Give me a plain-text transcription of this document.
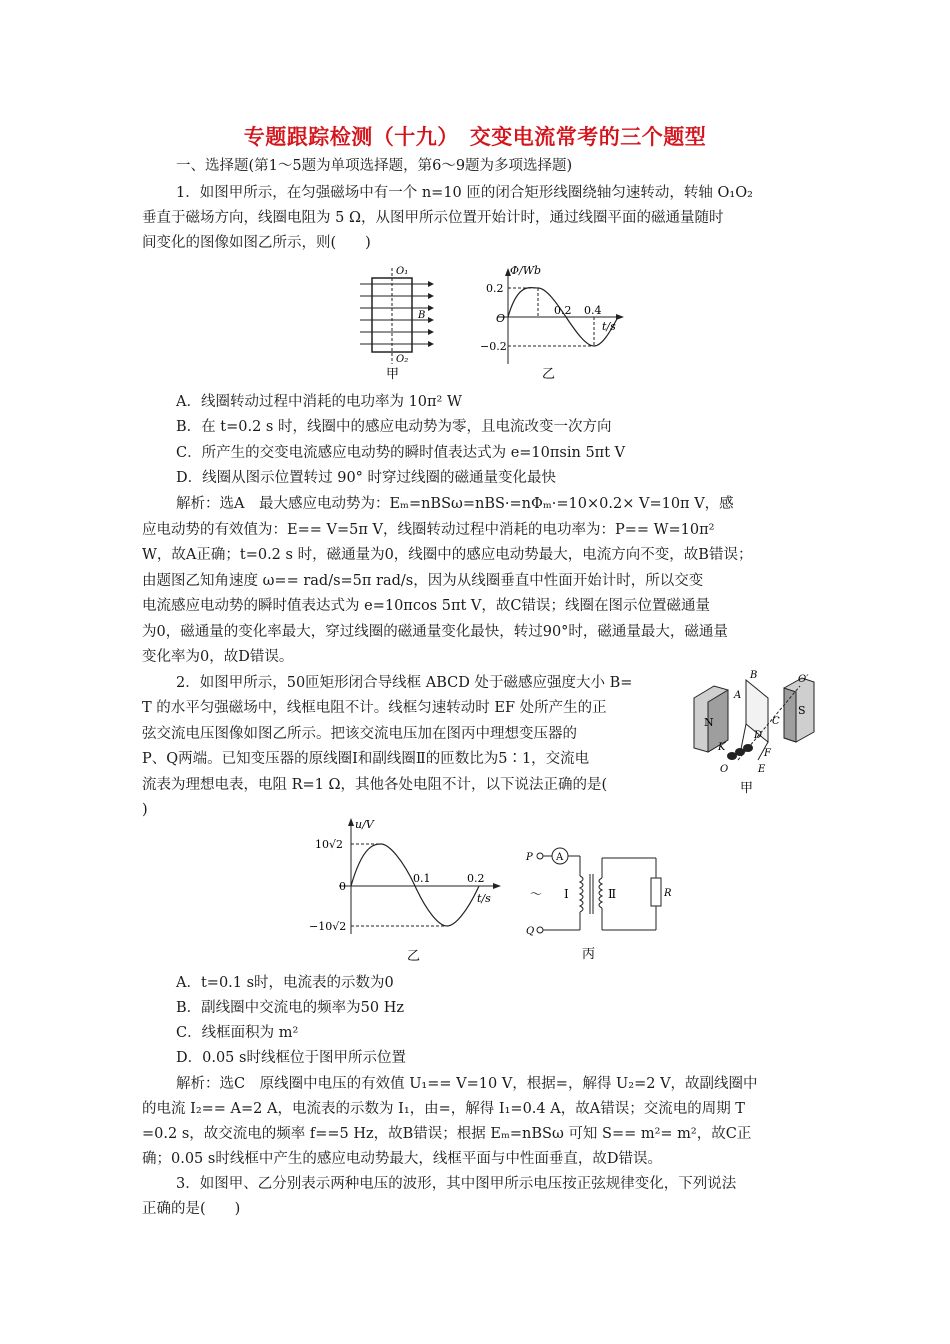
专题跟踪检测（十九）　交变电流常考的三个题型
一、选择题(第1～5题为单项选择题，第6～9题为多项选择题)
1．如图甲所示，在匀强磁场中有一个 n=10 匝的闭合矩形线圈绕轴匀速转动，转轴 O₁O₂
垂直于磁场方向，线圈电阻为 5 Ω，从图甲所示位置开始计时，通过线圈平面的磁通量随时
间变化的图像如图乙所示，则(　　)
O₁
O₂
B
甲
Φ/Wb
t/s
0.2
−0.2
O
0.2 0.4
乙
A．线圈转动过程中消耗的电功率为 10π² W
B．在 t=0.2 s 时，线圈中的感应电动势为零，且电流改变一次方向
C．所产生的交变电流感应电动势的瞬时值表达式为 e=10πsin 5πt V
D．线圈从图示位置转过 90° 时穿过线圈的磁通量变化最快
解析：选A　最大感应电动势为：Eₘ=nBSω=nBS·=nΦₘ·=10×0.2× V=10π V，感
应电动势的有效值为：E== V=5π V，线圈转动过程中消耗的电功率为：P== W=10π²
W，故A正确；t=0.2 s 时，磁通量为0，线圈中的感应电动势最大，电流方向不变，故B错误；
由题图乙知角速度 ω== rad/s=5π rad/s，因为从线圈垂直中性面开始计时，所以交变
电流感应电动势的瞬时值表达式为 e=10πcos 5πt V，故C错误；线圈在图示位置磁通量
为0，磁通量的变化率最大，穿过线圈的磁通量变化最快，转过90°时，磁通量最大，磁通量
变化率为0，故D错误。
2．如图甲所示，50匝矩形闭合导线框 ABCD 处于磁感应强度大小 B=
T 的水平匀强磁场中，线框电阻不计。线框匀速转动时 EF 处所产生的正
弦交流电压图像如图乙所示。把该交流电压加在图丙中理想变压器的
P、Q两端。已知变压器的原线圈Ⅰ和副线圈Ⅱ的匝数比为5∶1，交流电
流表为理想电表，电阻 R=1 Ω，其他各处电阻不计，以下说法正确的是(
)
N
S
A
B
C
D
E
F
K
O
O′
甲
u/V
t/s
10√2
−10√2
0
0.1	0.2
乙
P
Q
A
～ Ⅰ	Ⅱ	R
丙
A．t=0.1 s时，电流表的示数为0
B．副线圈中交流电的频率为50 Hz
C．线框面积为 m²
D．0.05 s时线框位于图甲所示位置
解析：选C　原线圈中电压的有效值 U₁== V=10 V，根据=，解得 U₂=2 V，故副线圈中
的电流 I₂== A=2 A，电流表的示数为 I₁，由=，解得 I₁=0.4 A，故A错误；交流电的周期 T
=0.2 s，故交流电的频率 f==5 Hz，故B错误；根据 Eₘ=nBSω 可知 S== m²= m²，故C正
确；0.05 s时线框中产生的感应电动势最大，线框平面与中性面垂直，故D错误。
3．如图甲、乙分别表示两种电压的波形，其中图甲所示电压按正弦规律变化，下列说法
正确的是(　　)
